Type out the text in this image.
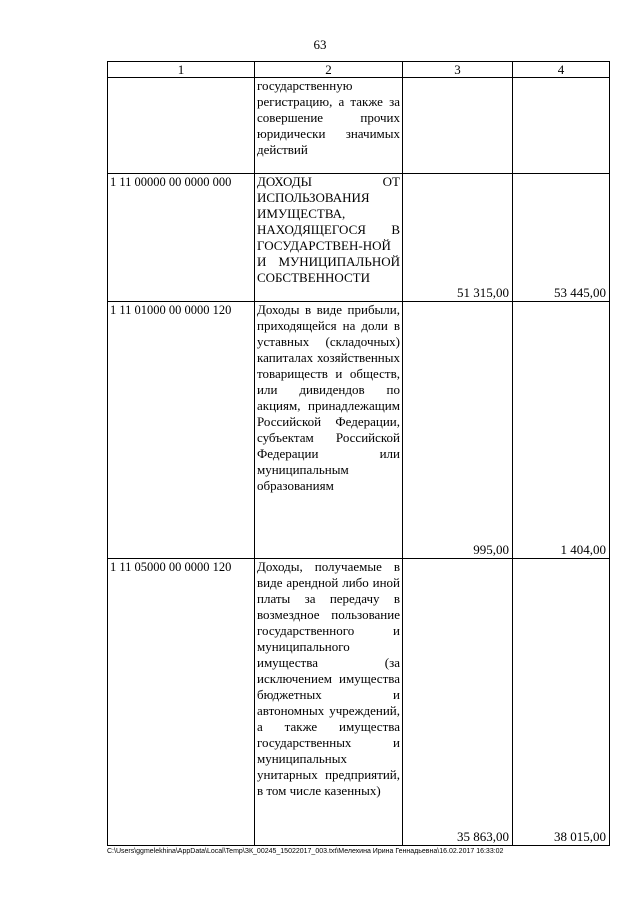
63
1	2	3	4
	государственную регистрацию, а также за совершение прочих юридически значимых действий		
1 11 00000 00 0000 000	ДОХОДЫ ОТ ИСПОЛЬЗОВАНИЯ ИМУЩЕСТВА, НАХОДЯЩЕГОСЯ В ГОСУДАРСТВЕН-НОЙ И МУНИЦИПАЛЬНОЙ СОБСТВЕННОСТИ	51 315,00	53 445,00
1 11 01000 00 0000 120	Доходы в виде прибыли, приходящейся на доли в уставных (складочных) капиталах хозяйственных товариществ и обществ, или дивидендов по акциям, принадлежащим Российской Федерации, субъектам Российской Федерации или муниципальным образованиям	995,00	1 404,00
1 11 05000 00 0000 120	Доходы, получаемые в виде арендной либо иной платы за передачу в возмездное пользование государственного и муниципального имущества (за исключением имущества бюджетных и автономных учреждений, а также имущества государственных и муниципальных унитарных предприятий, в том числе казенных)	35 863,00	38 015,00
C:\Users\ggmelekhina\AppData\Local\Temp\ЗК_00245_15022017_003.txt\Мелехина Ирина Геннадьевна\16.02.2017 16:33:02
